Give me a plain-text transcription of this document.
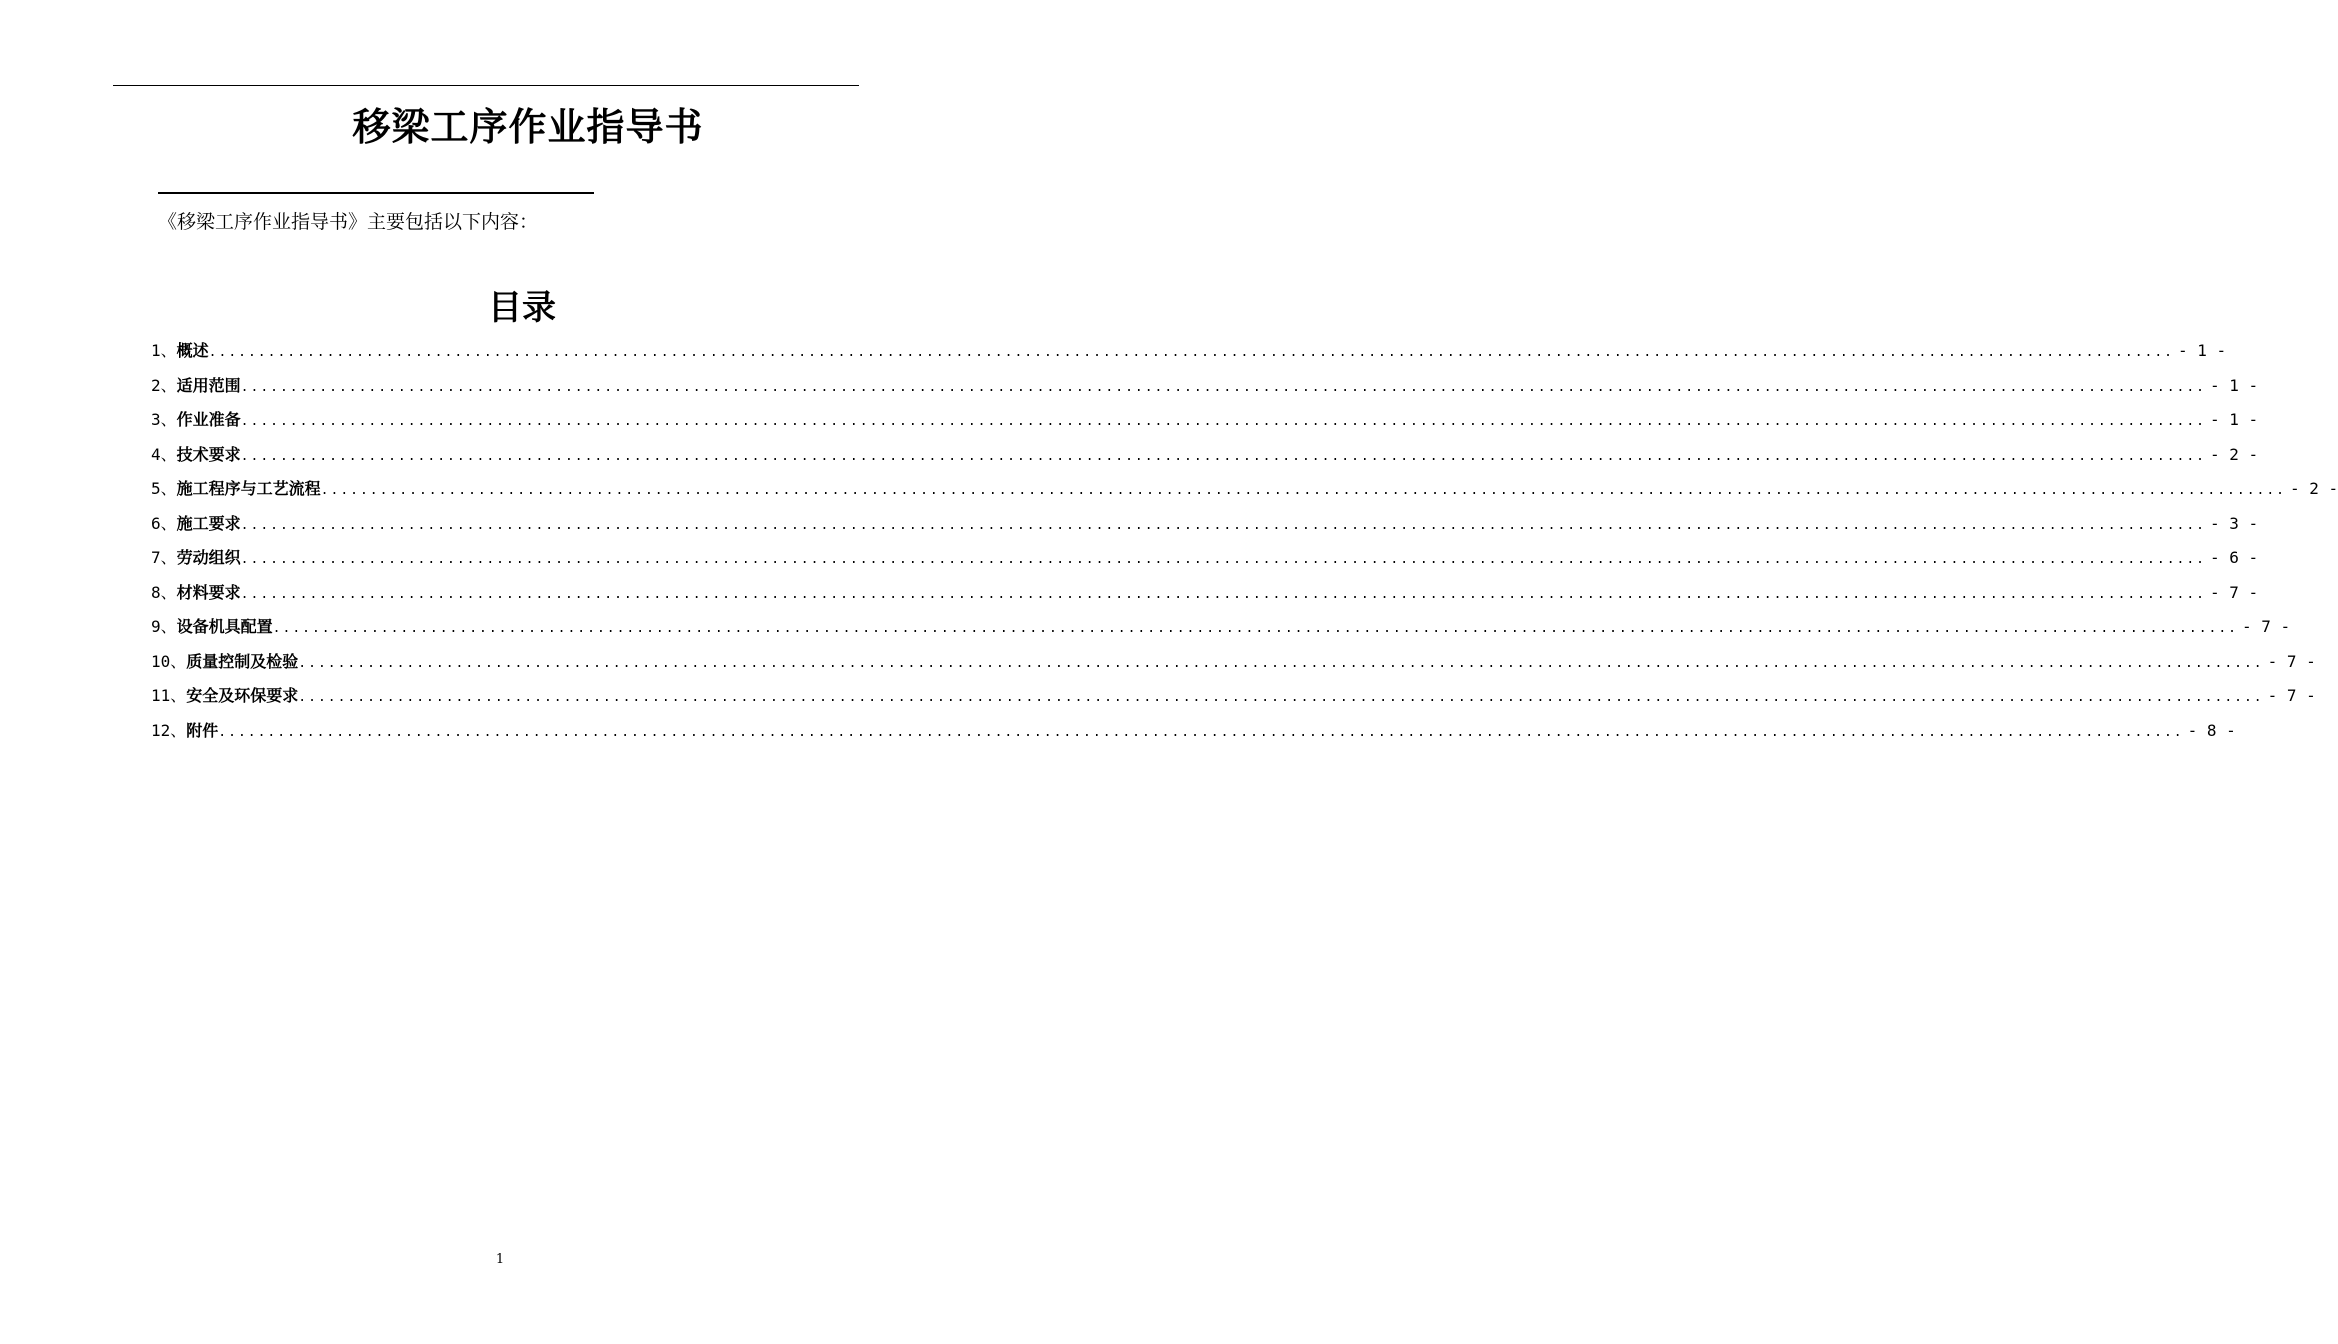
移梁工序作业指导书
《移梁工序作业指导书》主要包括以下内容：
目录
1 、 概述 ........................................................................................................................................................................................................ - 1 -
2 、 适用范围 ........................................................................................................................................................................................................ - 1 -
3 、 作业准备 ........................................................................................................................................................................................................ - 1 -
4 、 技术要求 ........................................................................................................................................................................................................ - 2 -
5 、 施工程序与工艺流程 ........................................................................................................................................................................................................ - 2 -
6 、 施工要求 ........................................................................................................................................................................................................ - 3 -
7 、 劳动组织 ........................................................................................................................................................................................................ - 6 -
8 、 材料要求 ........................................................................................................................................................................................................ - 7 -
9 、 设备机具配置 ........................................................................................................................................................................................................ - 7 -
10 、 质量控制及检验 ........................................................................................................................................................................................................ - 7 -
11 、 安全及环保要求 ........................................................................................................................................................................................................ - 7 -
12 、 附件 ........................................................................................................................................................................................................ - 8 -
1
